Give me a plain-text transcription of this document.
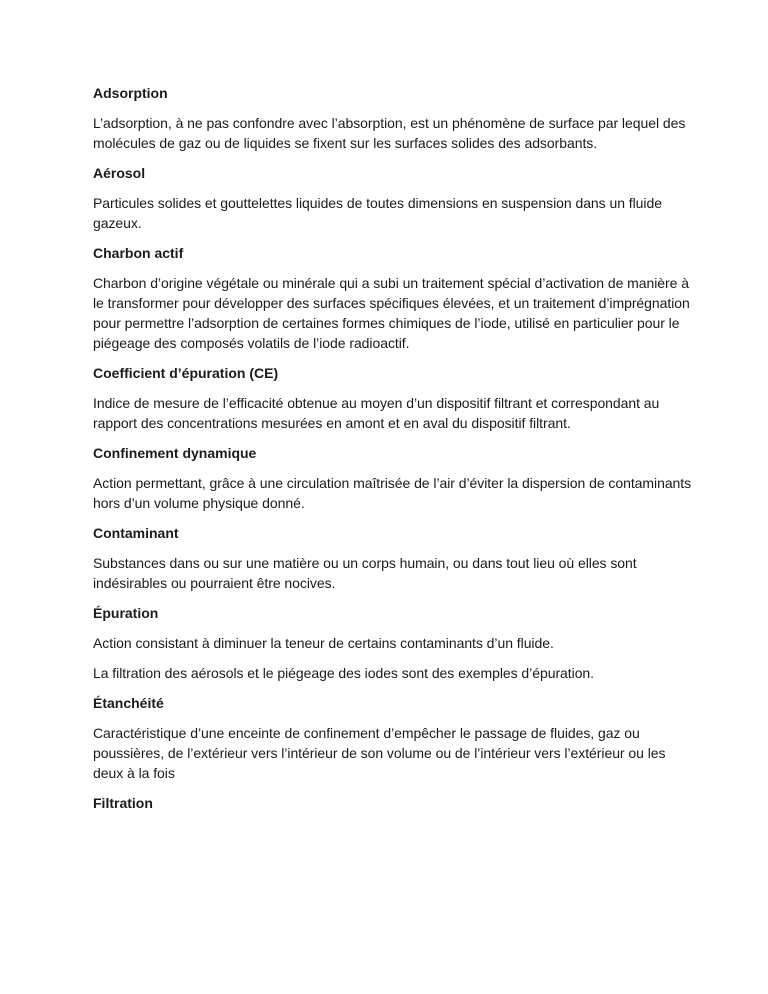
Adsorption

L’adsorption, à ne pas confondre avec l’absorption, est un phénomène de surface par lequel des molécules de gaz ou de liquides se fixent sur les surfaces solides des adsorbants.

Aérosol

Particules solides et gouttelettes liquides de toutes dimensions en suspension dans un fluide gazeux.

Charbon actif

Charbon d’origine végétale ou minérale qui a subi un traitement spécial d’activation de manière à le transformer pour développer des surfaces spécifiques élevées, et un traitement d’imprégnation pour permettre l’adsorption de certaines formes chimiques de l’iode, utilisé en particulier pour le piégeage des composés volatils de l’iode radioactif.

Coefficient d’épuration (CE)

Indice de mesure de l’efficacité obtenue au moyen d’un dispositif filtrant et correspondant au rapport des concentrations mesurées en amont et en aval du dispositif filtrant.

Confinement dynamique

Action permettant, grâce à une circulation maîtrisée de l’air d’éviter la dispersion de contaminants hors d’un volume physique donné.

Contaminant

Substances dans ou sur une matière ou un corps humain, ou dans tout lieu où elles sont indésirables ou pourraient être nocives.

Épuration

Action consistant à diminuer la teneur de certains contaminants d’un fluide.

La filtration des aérosols et le piégeage des iodes sont des exemples d’épuration.

Étanchéité

Caractéristique d’une enceinte de confinement d’empêcher le passage de fluides, gaz ou poussières, de l’extérieur vers l’intérieur de son volume ou de l’intérieur vers l’extérieur ou les deux à la fois

Filtration
